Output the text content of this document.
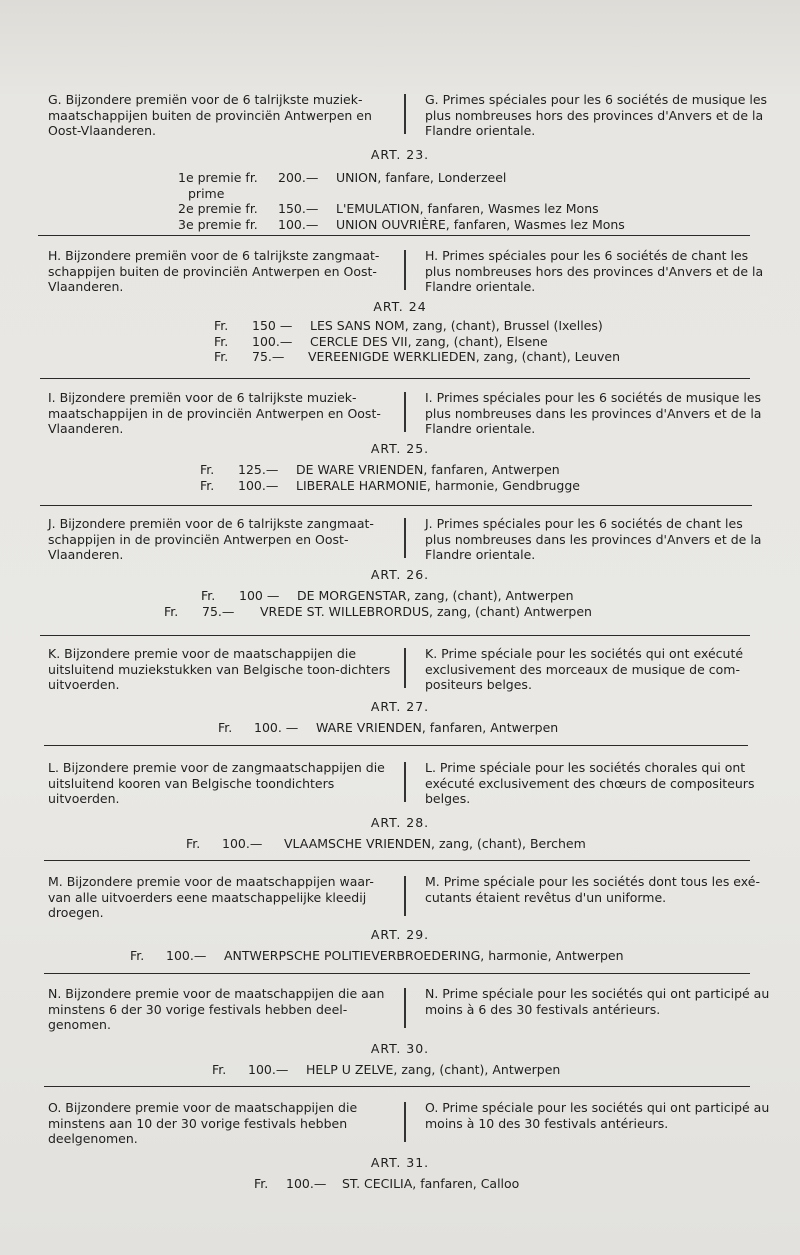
G. Bijzondere premiën voor de 6 talrijkste muziek-maatschappijen buiten de provinciën Antwerpen en Oost-Vlaanderen.
G. Primes spéciales pour les 6 sociétés de musique les plus nombreuses hors des provinces d'Anvers et de la Flandre orientale.
ART. 23.
1e premie fr. 200.— UNION, fanfare, Londerzeel
prime
2e premie fr. 150.— L'EMULATION, fanfaren, Wasmes lez Mons
3e premie fr. 100.— UNION OUVRIÈRE, fanfaren, Wasmes lez Mons
H. Bijzondere premiën voor de 6 talrijkste zangmaat-schappijen buiten de provinciën Antwerpen en Oost-Vlaanderen.
H. Primes spéciales pour les 6 sociétés de chant les plus nombreuses hors des provinces d'Anvers et de la Flandre orientale.
ART. 24
Fr. 150 — LES SANS NOM, zang, (chant), Brussel (Ixelles)
Fr. 100.— CERCLE DES VII, zang, (chant), Elsene
Fr. 75.— VEREENIGDE WERKLIEDEN, zang, (chant), Leuven
I. Bijzondere premiën voor de 6 talrijkste muziek-maatschappijen in de provinciën Antwerpen en Oost-Vlaanderen.
I. Primes spéciales pour les 6 sociétés de musique les plus nombreuses dans les provinces d'Anvers et de la Flandre orientale.
ART. 25.
Fr. 125.— DE WARE VRIENDEN, fanfaren, Antwerpen
Fr. 100.— LIBERALE HARMONIE, harmonie, Gendbrugge
J. Bijzondere premiën voor de 6 talrijkste zangmaat-schappijen in de provinciën Antwerpen en Oost-Vlaanderen.
J. Primes spéciales pour les 6 sociétés de chant les plus nombreuses dans les provinces d'Anvers et de la Flandre orientale.
ART. 26.
Fr. 100 — DE MORGENSTAR, zang, (chant), Antwerpen
Fr. 75.— VREDE ST. WILLEBRORDUS, zang, (chant) Antwerpen
K. Bijzondere premie voor de maatschappijen die uitsluitend muziekstukken van Belgische toon-dichters uitvoerden.
K. Prime spéciale pour les sociétés qui ont exécuté exclusivement des morceaux de musique de com-positeurs belges.
ART. 27.
Fr. 100. — WARE VRIENDEN, fanfaren, Antwerpen
L. Bijzondere premie voor de zangmaatschappijen die uitsluitend kooren van Belgische toondichters uitvoerden.
L. Prime spéciale pour les sociétés chorales qui ont exécuté exclusivement des chœurs de compositeurs belges.
ART. 28.
Fr. 100.— VLAAMSCHE VRIENDEN, zang, (chant), Berchem
M. Bijzondere premie voor de maatschappijen waar-van alle uitvoerders eene maatschappelijke kleedij droegen.
M. Prime spéciale pour les sociétés dont tous les exé-cutants étaient revêtus d'un uniforme.
ART. 29.
Fr. 100.— ANTWERPSCHE POLITIEVERBROEDERING, harmonie, Antwerpen
N. Bijzondere premie voor de maatschappijen die aan minstens 6 der 30 vorige festivals hebben deel-genomen.
N. Prime spéciale pour les sociétés qui ont participé au moins à 6 des 30 festivals antérieurs.
ART. 30.
Fr. 100.— HELP U ZELVE, zang, (chant), Antwerpen
O. Bijzondere premie voor de maatschappijen die minstens aan 10 der 30 vorige festivals hebben deelgenomen.
O. Prime spéciale pour les sociétés qui ont participé au moins à 10 des 30 festivals antérieurs.
ART. 31.
Fr. 100.— ST. CECILIA, fanfaren, Calloo
